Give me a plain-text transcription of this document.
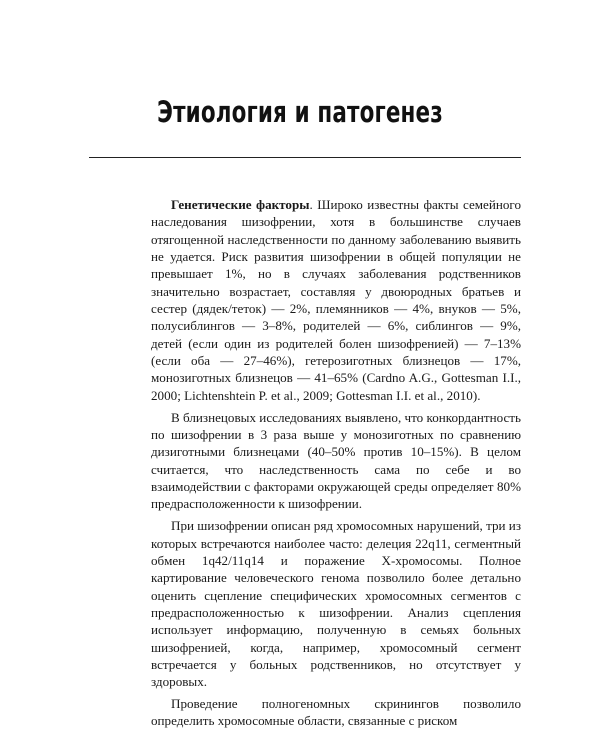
Этиология и патогенез

Генетические факторы. Широко известны факты семейного наследования шизофрении, хотя в большинстве случаев отягощенной наследственности по данному заболеванию выявить не удается. Риск развития шизофрении в общей популяции не превышает 1%, но в случаях заболевания родственников значительно возрастает, составляя у двоюродных братьев и сестер (дядек/теток) — 2%, племянников — 4%, внуков — 5%, полусиблингов — 3–8%, родителей — 6%, сиблингов — 9%, детей (если один из родителей болен шизофренией) — 7–13% (если оба — 27–46%), гетерозиготных близнецов — 17%, монозиготных близнецов — 41–65% (Cardno A.G., Gottesman I.I., 2000; Lichtenshtein P. et al., 2009; Gottesman I.I. et al., 2010).

В близнецовых исследованиях выявлено, что конкордантность по шизофрении в 3 раза выше у монозиготных по сравнению дизиготными близнецами (40–50% против 10–15%). В целом считается, что наследственность сама по себе и во взаимодействии с факторами окружающей среды определяет 80% предрасположенности к шизофрении.

При шизофрении описан ряд хромосомных нарушений, три из которых встречаются наиболее часто: делеция 22q11, сегментный обмен 1q42/11q14 и поражение X-хромосомы. Полное картирование человеческого генома позволило более детально оценить сцепление специфических хромосомных сегментов с предрасположенностью к шизофрении. Анализ сцепления использует информацию, полученную в семьях больных шизофренией, когда, например, хромосомный сегмент встречается у больных родственников, но отсутствует у здоровых.

Проведение полногеномных скринингов позволило определить хромосомные области, связанные с риском
